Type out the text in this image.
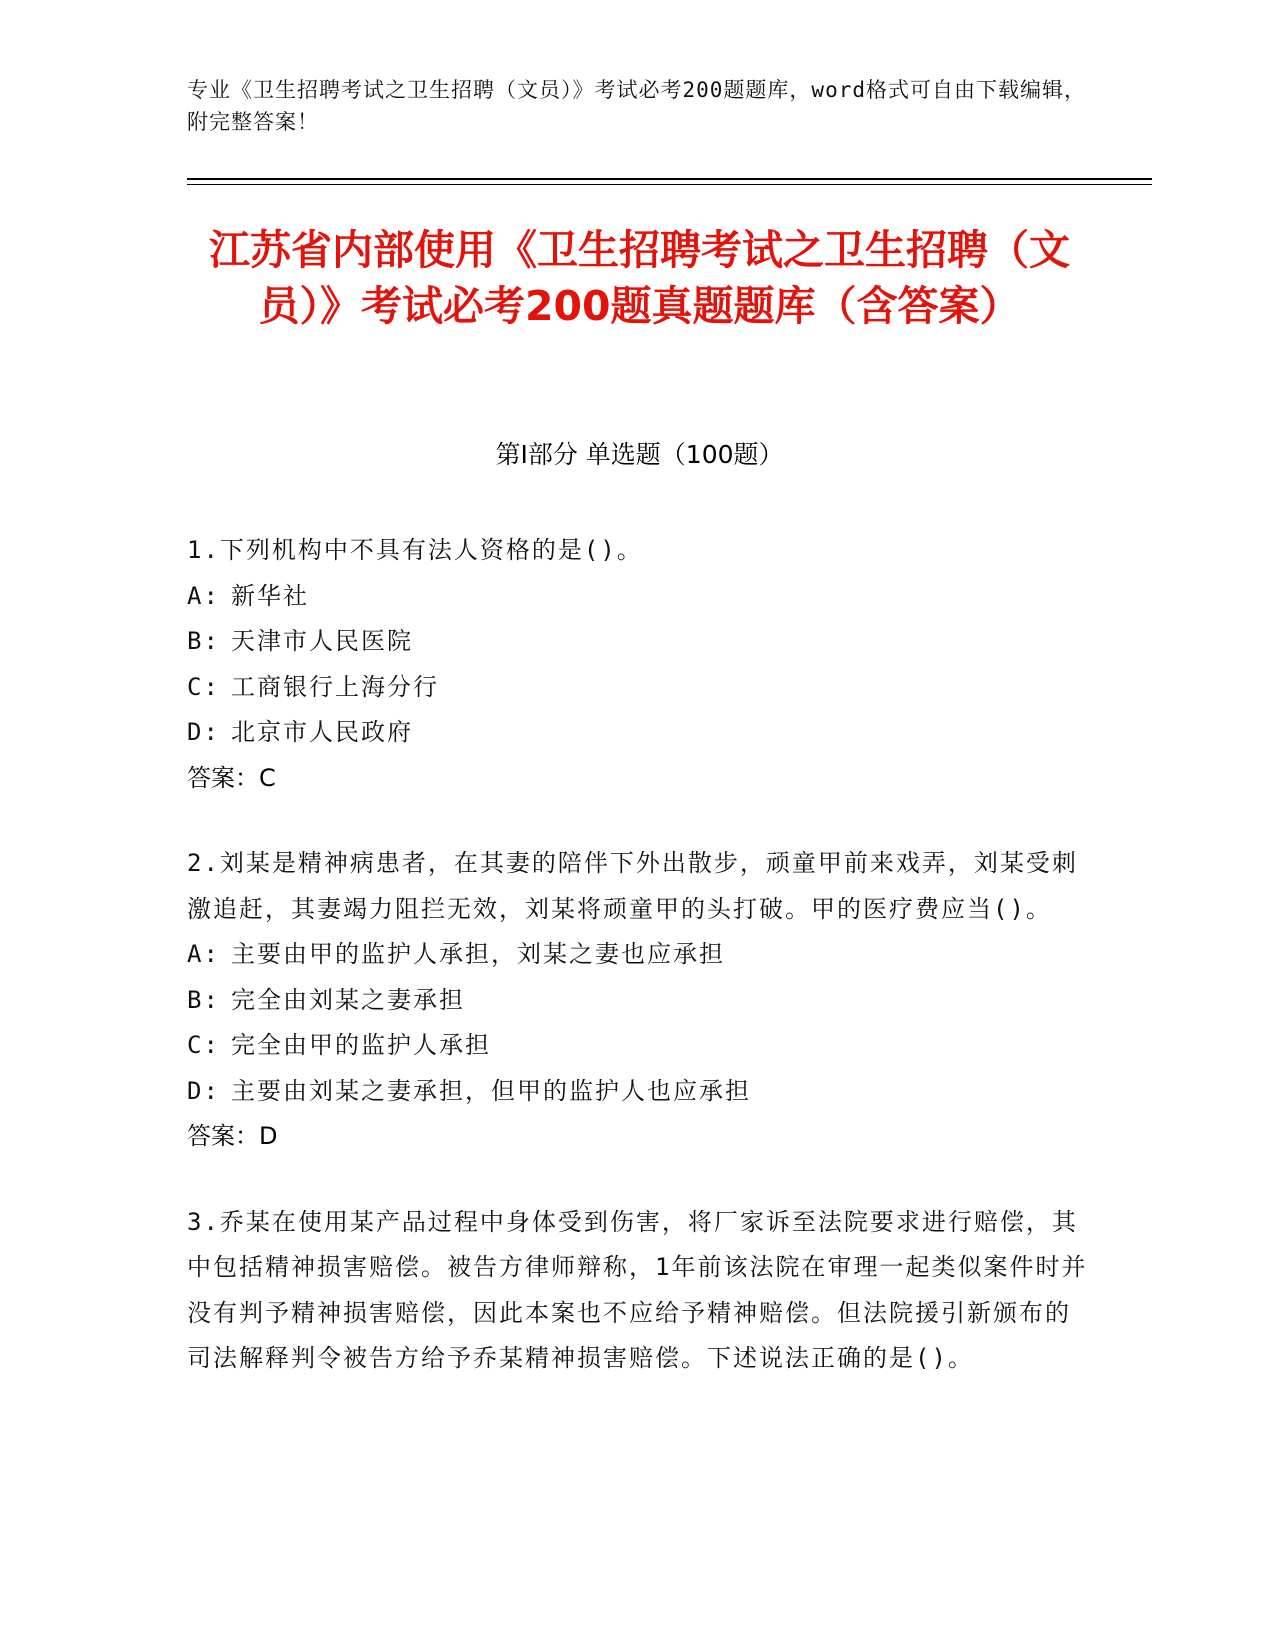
专业《卫生招聘考试之卫生招聘（文员）》考试必考200题题库，word格式可自由下载编辑，附完整答案！
江苏省内部使用《卫生招聘考试之卫生招聘（文员）》考试必考200题真题题库（含答案）
第Ⅰ部分 单选题（100题）
1.下列机构中不具有法人资格的是()。
A: 新华社
B: 天津市人民医院
C: 工商银行上海分行
D: 北京市人民政府
答案：C
2.刘某是精神病患者，在其妻的陪伴下外出散步，顽童甲前来戏弄，刘某受刺激追赶，其妻竭力阻拦无效，刘某将顽童甲的头打破。甲的医疗费应当()。
A: 主要由甲的监护人承担，刘某之妻也应承担
B: 完全由刘某之妻承担
C: 完全由甲的监护人承担
D: 主要由刘某之妻承担，但甲的监护人也应承担
答案：D
3.乔某在使用某产品过程中身体受到伤害，将厂家诉至法院要求进行赔偿，其中包括精神损害赔偿。被告方律师辩称，1年前该法院在审理一起类似案件时并没有判予精神损害赔偿，因此本案也不应给予精神赔偿。但法院援引新颁布的司法解释判令被告方给予乔某精神损害赔偿。下述说法正确的是()。
